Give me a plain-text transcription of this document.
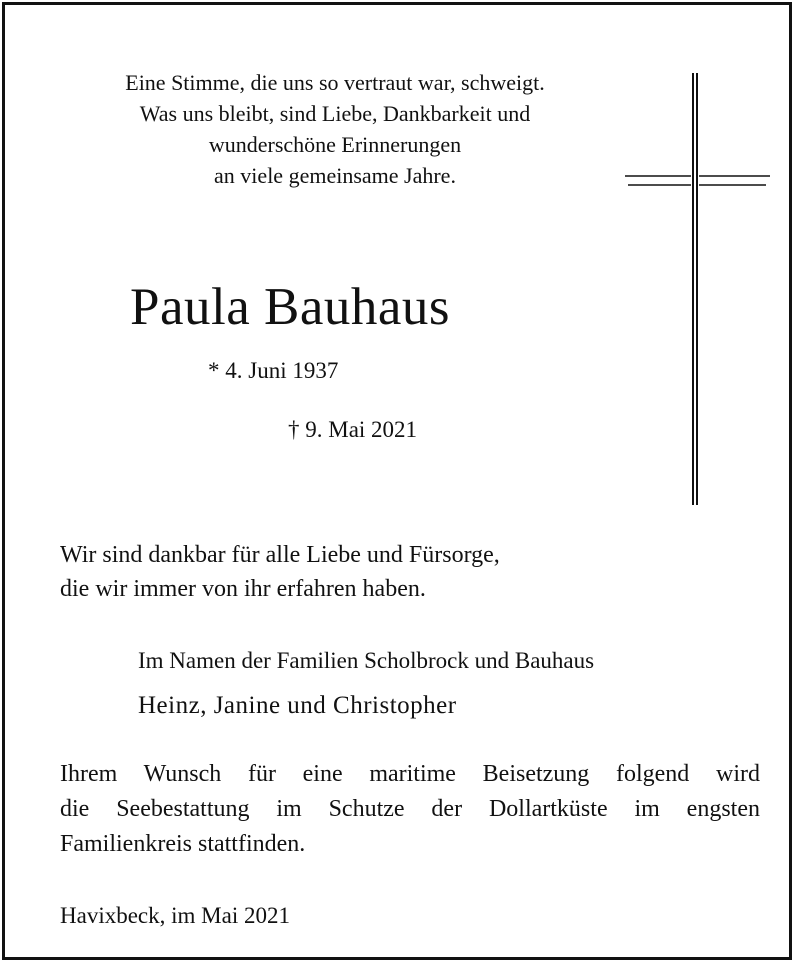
Eine Stimme, die uns so vertraut war, schweigt.
Was uns bleibt, sind Liebe, Dankbarkeit und
wunderschöne Erinnerungen
an viele gemeinsame Jahre.
Paula Bauhaus
* 4. Juni 1937
† 9. Mai 2021
Wir sind dankbar für alle Liebe und Fürsorge,
die wir immer von ihr erfahren haben.
Im Namen der Familien Scholbrock und Bauhaus
Heinz, Janine und Christopher
Ihrem Wunsch für eine maritime Beisetzung folgend wird
die Seebestattung im Schutze der Dollartküste im engsten
Familienkreis stattfinden.
Havixbeck, im Mai 2021
